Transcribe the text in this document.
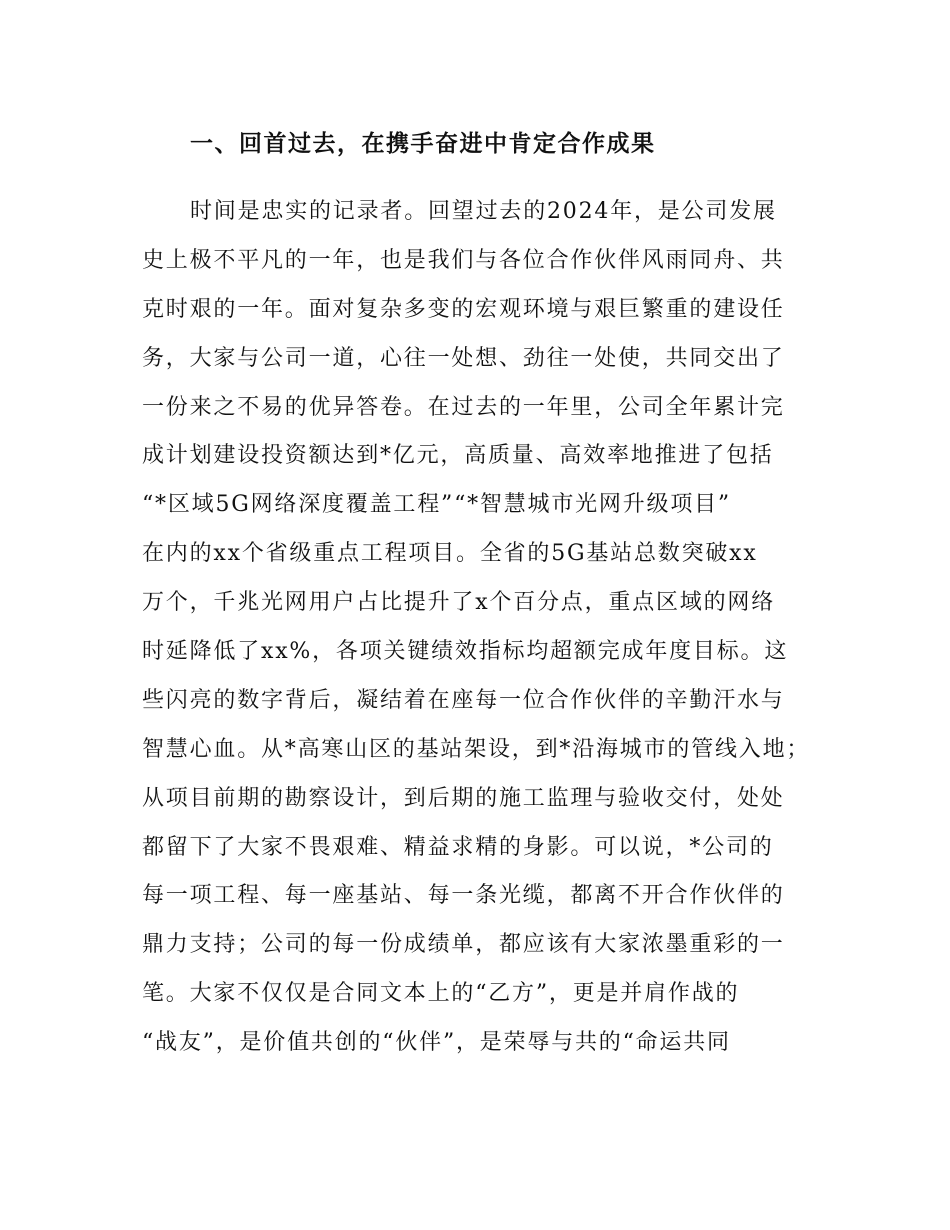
一、回首过去，在携手奋进中肯定合作成果
时间是忠实的记录者。回望过去的2024年，是公司发展
史上极不平凡的一年，也是我们与各位合作伙伴风雨同舟、共
克时艰的一年。面对复杂多变的宏观环境与艰巨繁重的建设任
务，大家与公司一道，心往一处想、劲往一处使，共同交出了
一份来之不易的优异答卷。在过去的一年里，公司全年累计完
成计划建设投资额达到*亿元，高质量、高效率地推进了包括
“*区域5G网络深度覆盖工程”“*智慧城市光网升级项目”
在内的xx个省级重点工程项目。全省的5G基站总数突破xx
万个，千兆光网用户占比提升了x个百分点，重点区域的网络
时延降低了xx%，各项关键绩效指标均超额完成年度目标。这
些闪亮的数字背后，凝结着在座每一位合作伙伴的辛勤汗水与
智慧心血。从*高寒山区的基站架设，到*沿海城市的管线入地；
从项目前期的勘察设计，到后期的施工监理与验收交付，处处
都留下了大家不畏艰难、精益求精的身影。可以说，*公司的
每一项工程、每一座基站、每一条光缆，都离不开合作伙伴的
鼎力支持；公司的每一份成绩单，都应该有大家浓墨重彩的一
笔。大家不仅仅是合同文本上的“乙方”，更是并肩作战的
“战友”，是价值共创的“伙伴”，是荣辱与共的“命运共同
